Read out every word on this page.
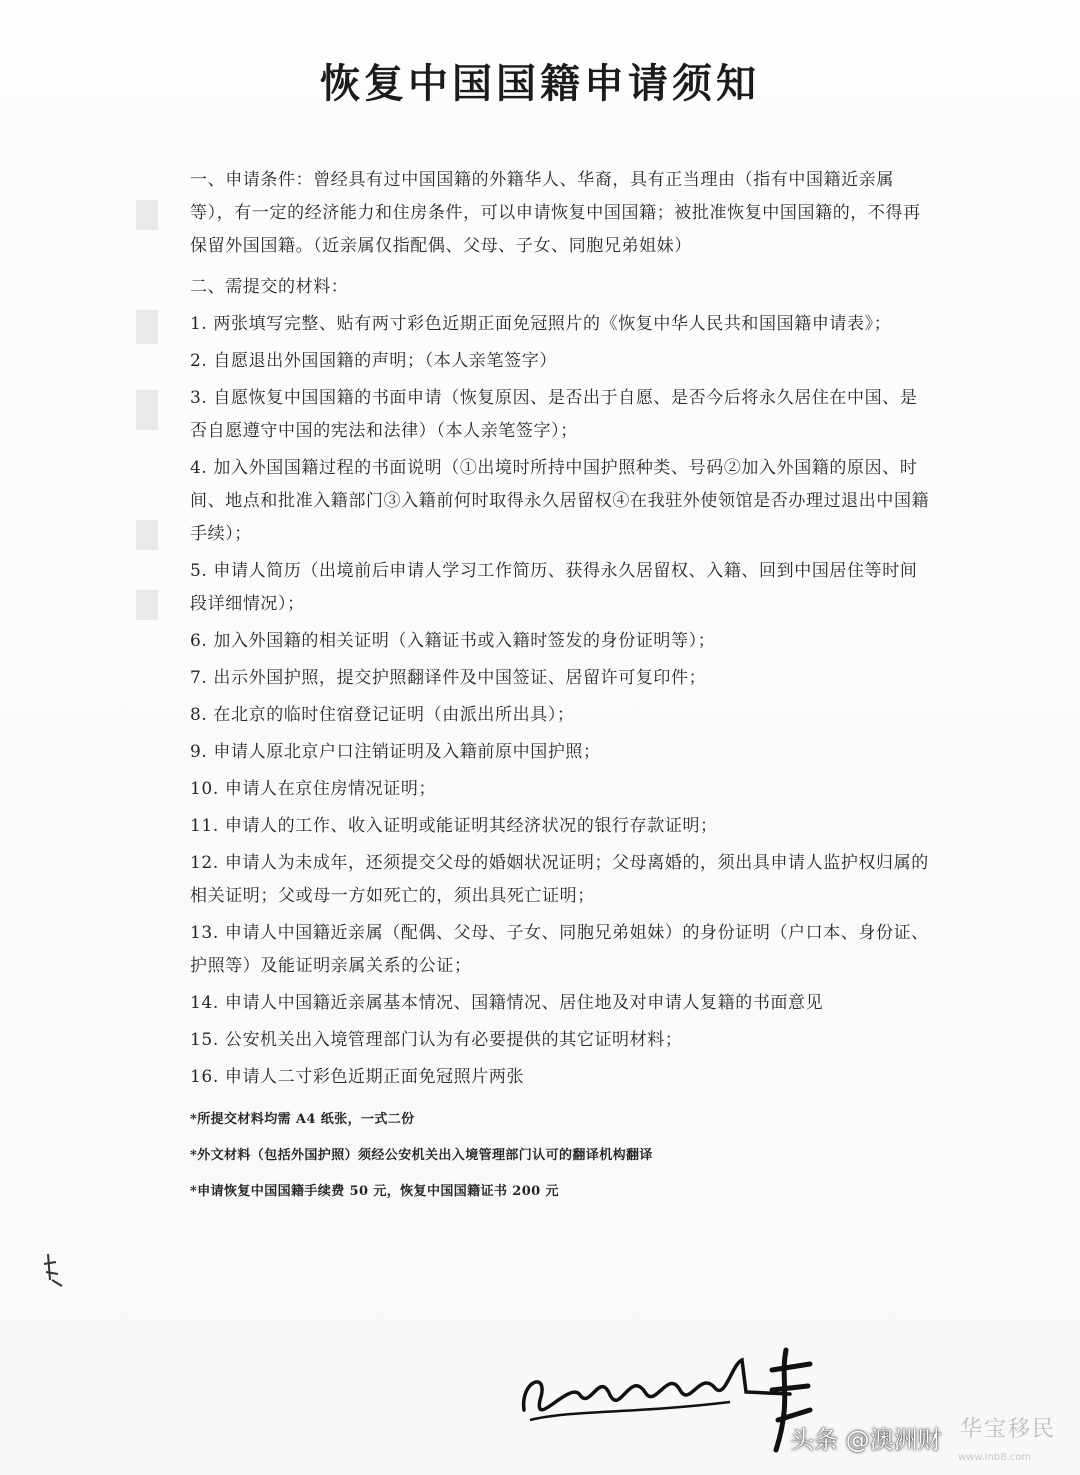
恢复中国国籍申请须知

一、申请条件：曾经具有过中国国籍的外籍华人、华裔，具有正当理由（指有中国籍近亲属等），有一定的经济能力和住房条件，可以申请恢复中国国籍；被批准恢复中国国籍的，不得再保留外国国籍。（近亲属仅指配偶、父母、子女、同胞兄弟姐妹）

二、需提交的材料：

1. 两张填写完整、贴有两寸彩色近期正面免冠照片的《恢复中华人民共和国国籍申请表》；

2. 自愿退出外国国籍的声明；（本人亲笔签字）

3. 自愿恢复中国国籍的书面申请（恢复原因、是否出于自愿、是否今后将永久居住在中国、是否自愿遵守中国的宪法和法律）（本人亲笔签字）；

4. 加入外国国籍过程的书面说明（①出境时所持中国护照种类、号码②加入外国籍的原因、时间、地点和批准入籍部门③入籍前何时取得永久居留权④在我驻外使领馆是否办理过退出中国籍手续）；

5. 申请人简历（出境前后申请人学习工作简历、获得永久居留权、入籍、回到中国居住等时间段详细情况）；

6. 加入外国籍的相关证明（入籍证书或入籍时签发的身份证明等）；

7. 出示外国护照，提交护照翻译件及中国签证、居留许可复印件；

8. 在北京的临时住宿登记证明（由派出所出具）；

9. 申请人原北京户口注销证明及入籍前原中国护照；

10. 申请人在京住房情况证明；

11. 申请人的工作、收入证明或能证明其经济状况的银行存款证明；

12. 申请人为未成年，还须提交父母的婚姻状况证明；父母离婚的，须出具申请人监护权归属的相关证明；父或母一方如死亡的，须出具死亡证明；

13. 申请人中国籍近亲属（配偶、父母、子女、同胞兄弟姐妹）的身份证明（户口本、身份证、护照等）及能证明亲属关系的公证；

14. 申请人中国籍近亲属基本情况、国籍情况、居住地及对申请人复籍的书面意见

15. 公安机关出入境管理部门认为有必要提供的其它证明材料；

16. 申请人二寸彩色近期正面免冠照片两张

*所提交材料均需 A4 纸张，一式二份

*外文材料（包括外国护照）须经公安机关出入境管理部门认可的翻译机构翻译

*申请恢复中国国籍手续费 50 元，恢复中国国籍证书 200 元

华宝移民
www.inb8.com
头条 @澳洲财
